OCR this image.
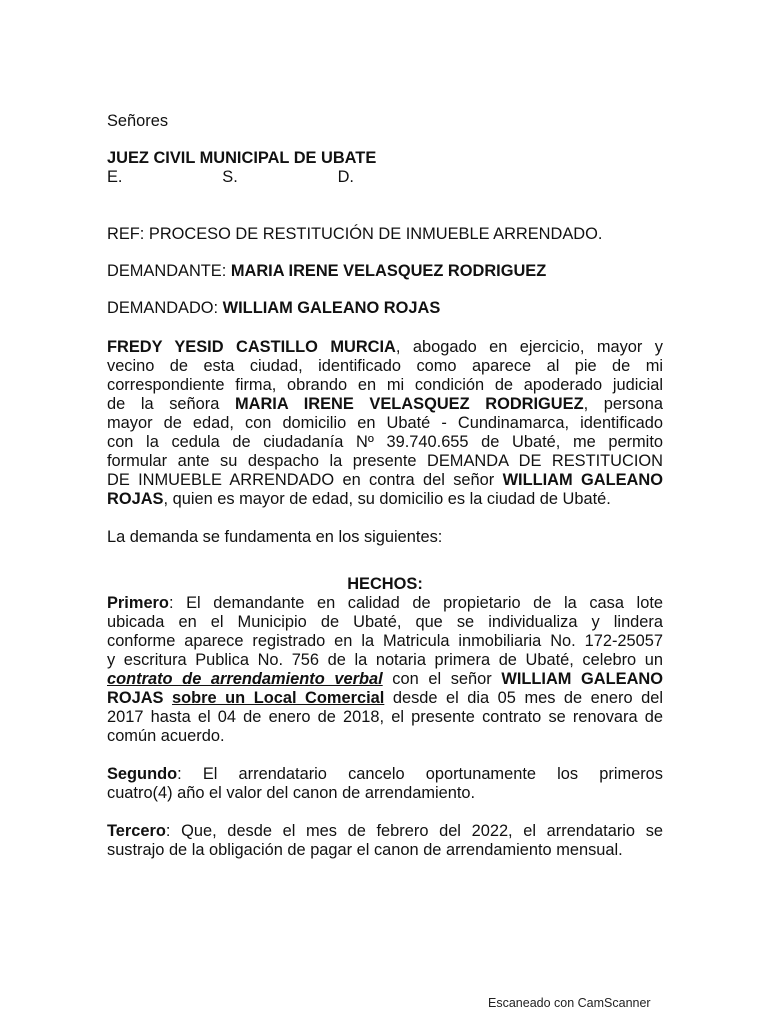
Señores

JUEZ CIVIL MUNICIPAL DE UBATE

E.	S.	D.

REF: PROCESO DE RESTITUCIÓN DE INMUEBLE ARRENDADO.

DEMANDANTE: MARIA IRENE VELASQUEZ RODRIGUEZ

DEMANDADO: WILLIAM GALEANO ROJAS

FREDY YESID CASTILLO MURCIA, abogado en ejercicio, mayor y
vecino de esta ciudad, identificado como aparece al pie de mi
correspondiente firma, obrando en mi condición de apoderado judicial
de la señora MARIA IRENE VELASQUEZ RODRIGUEZ, persona
mayor de edad, con domicilio en Ubaté - Cundinamarca, identificado
con la cedula de ciudadanía Nº 39.740.655 de Ubaté, me permito
formular ante su despacho la presente DEMANDA DE RESTITUCION
DE INMUEBLE ARRENDADO en contra del señor WILLIAM GALEANO
ROJAS, quien es mayor de edad, su domicilio es la ciudad de Ubaté.

La demanda se fundamenta en los siguientes:

HECHOS:

Primero: El demandante en calidad de propietario de la casa lote
ubicada en el Municipio de Ubaté, que se individualiza y lindera
conforme aparece registrado en la Matricula inmobiliaria No. 172-25057
y escritura Publica No. 756 de la notaria primera de Ubaté, celebro un
contrato de arrendamiento verbal con el señor WILLIAM GALEANO
ROJAS sobre un Local Comercial desde el dia 05 mes de enero del
2017 hasta el 04 de enero de 2018, el presente contrato se renovara de
común acuerdo.
Segundo: El arrendatario cancelo oportunamente los primeros
cuatro(4) año el valor del canon de arrendamiento.
Tercero: Que, desde el mes de febrero del 2022, el arrendatario se
sustrajo de la obligación de pagar el canon de arrendamiento mensual.
Escaneado con CamScanner
